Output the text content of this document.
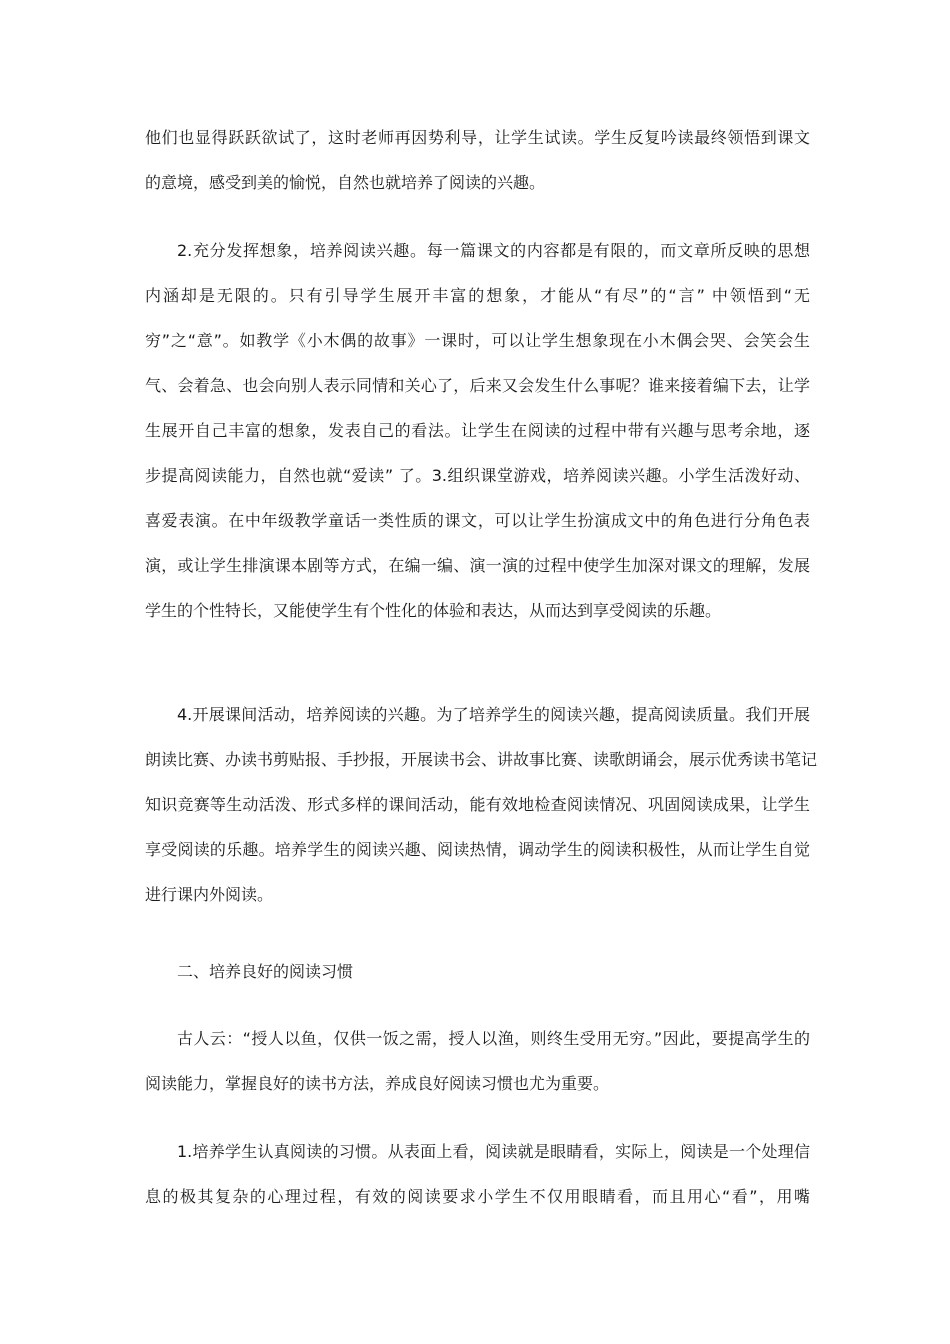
他们也显得跃跃欲试了，这时老师再因势利导，让学生试读。学生反复吟读最终领悟到课文
的意境，感受到美的愉悦，自然也就培养了阅读的兴趣。
2.充分发挥想象，培养阅读兴趣。每一篇课文的内容都是有限的，而文章所反映的思想
内涵却是无限的。只有引导学生展开丰富的想象，才能从“有尽”的“言” 中领悟到“无
穷”之“意”。如教学《小木偶的故事》一课时，可以让学生想象现在小木偶会哭、会笑会生
气、会着急、也会向别人表示同情和关心了，后来又会发生什么事呢？谁来接着编下去，让学
生展开自己丰富的想象，发表自己的看法。让学生在阅读的过程中带有兴趣与思考余地，逐
步提高阅读能力，自然也就“爱读” 了。3.组织课堂游戏，培养阅读兴趣。小学生活泼好动、
喜爱表演。在中年级教学童话一类性质的课文，可以让学生扮演成文中的角色进行分角色表
演，或让学生排演课本剧等方式，在编一编、演一演的过程中使学生加深对课文的理解，发展
学生的个性特长，又能使学生有个性化的体验和表达，从而达到享受阅读的乐趣。
4.开展课间活动，培养阅读的兴趣。为了培养学生的阅读兴趣，提高阅读质量。我们开展
朗读比赛、办读书剪贴报、手抄报，开展读书会、讲故事比赛、读歌朗诵会，展示优秀读书笔记
知识竞赛等生动活泼、形式多样的课间活动，能有效地检查阅读情况、巩固阅读成果，让学生
享受阅读的乐趣。培养学生的阅读兴趣、阅读热情，调动学生的阅读积极性，从而让学生自觉
进行课内外阅读。
二、培养良好的阅读习惯
古人云：“授人以鱼，仅供一饭之需，授人以渔，则终生受用无穷。”因此，要提高学生的
阅读能力，掌握良好的读书方法，养成良好阅读习惯也尤为重要。
1.培养学生认真阅读的习惯。从表面上看，阅读就是眼睛看，实际上，阅读是一个处理信
息的极其复杂的心理过程，有效的阅读要求小学生不仅用眼睛看，而且用心“看”，用嘴
